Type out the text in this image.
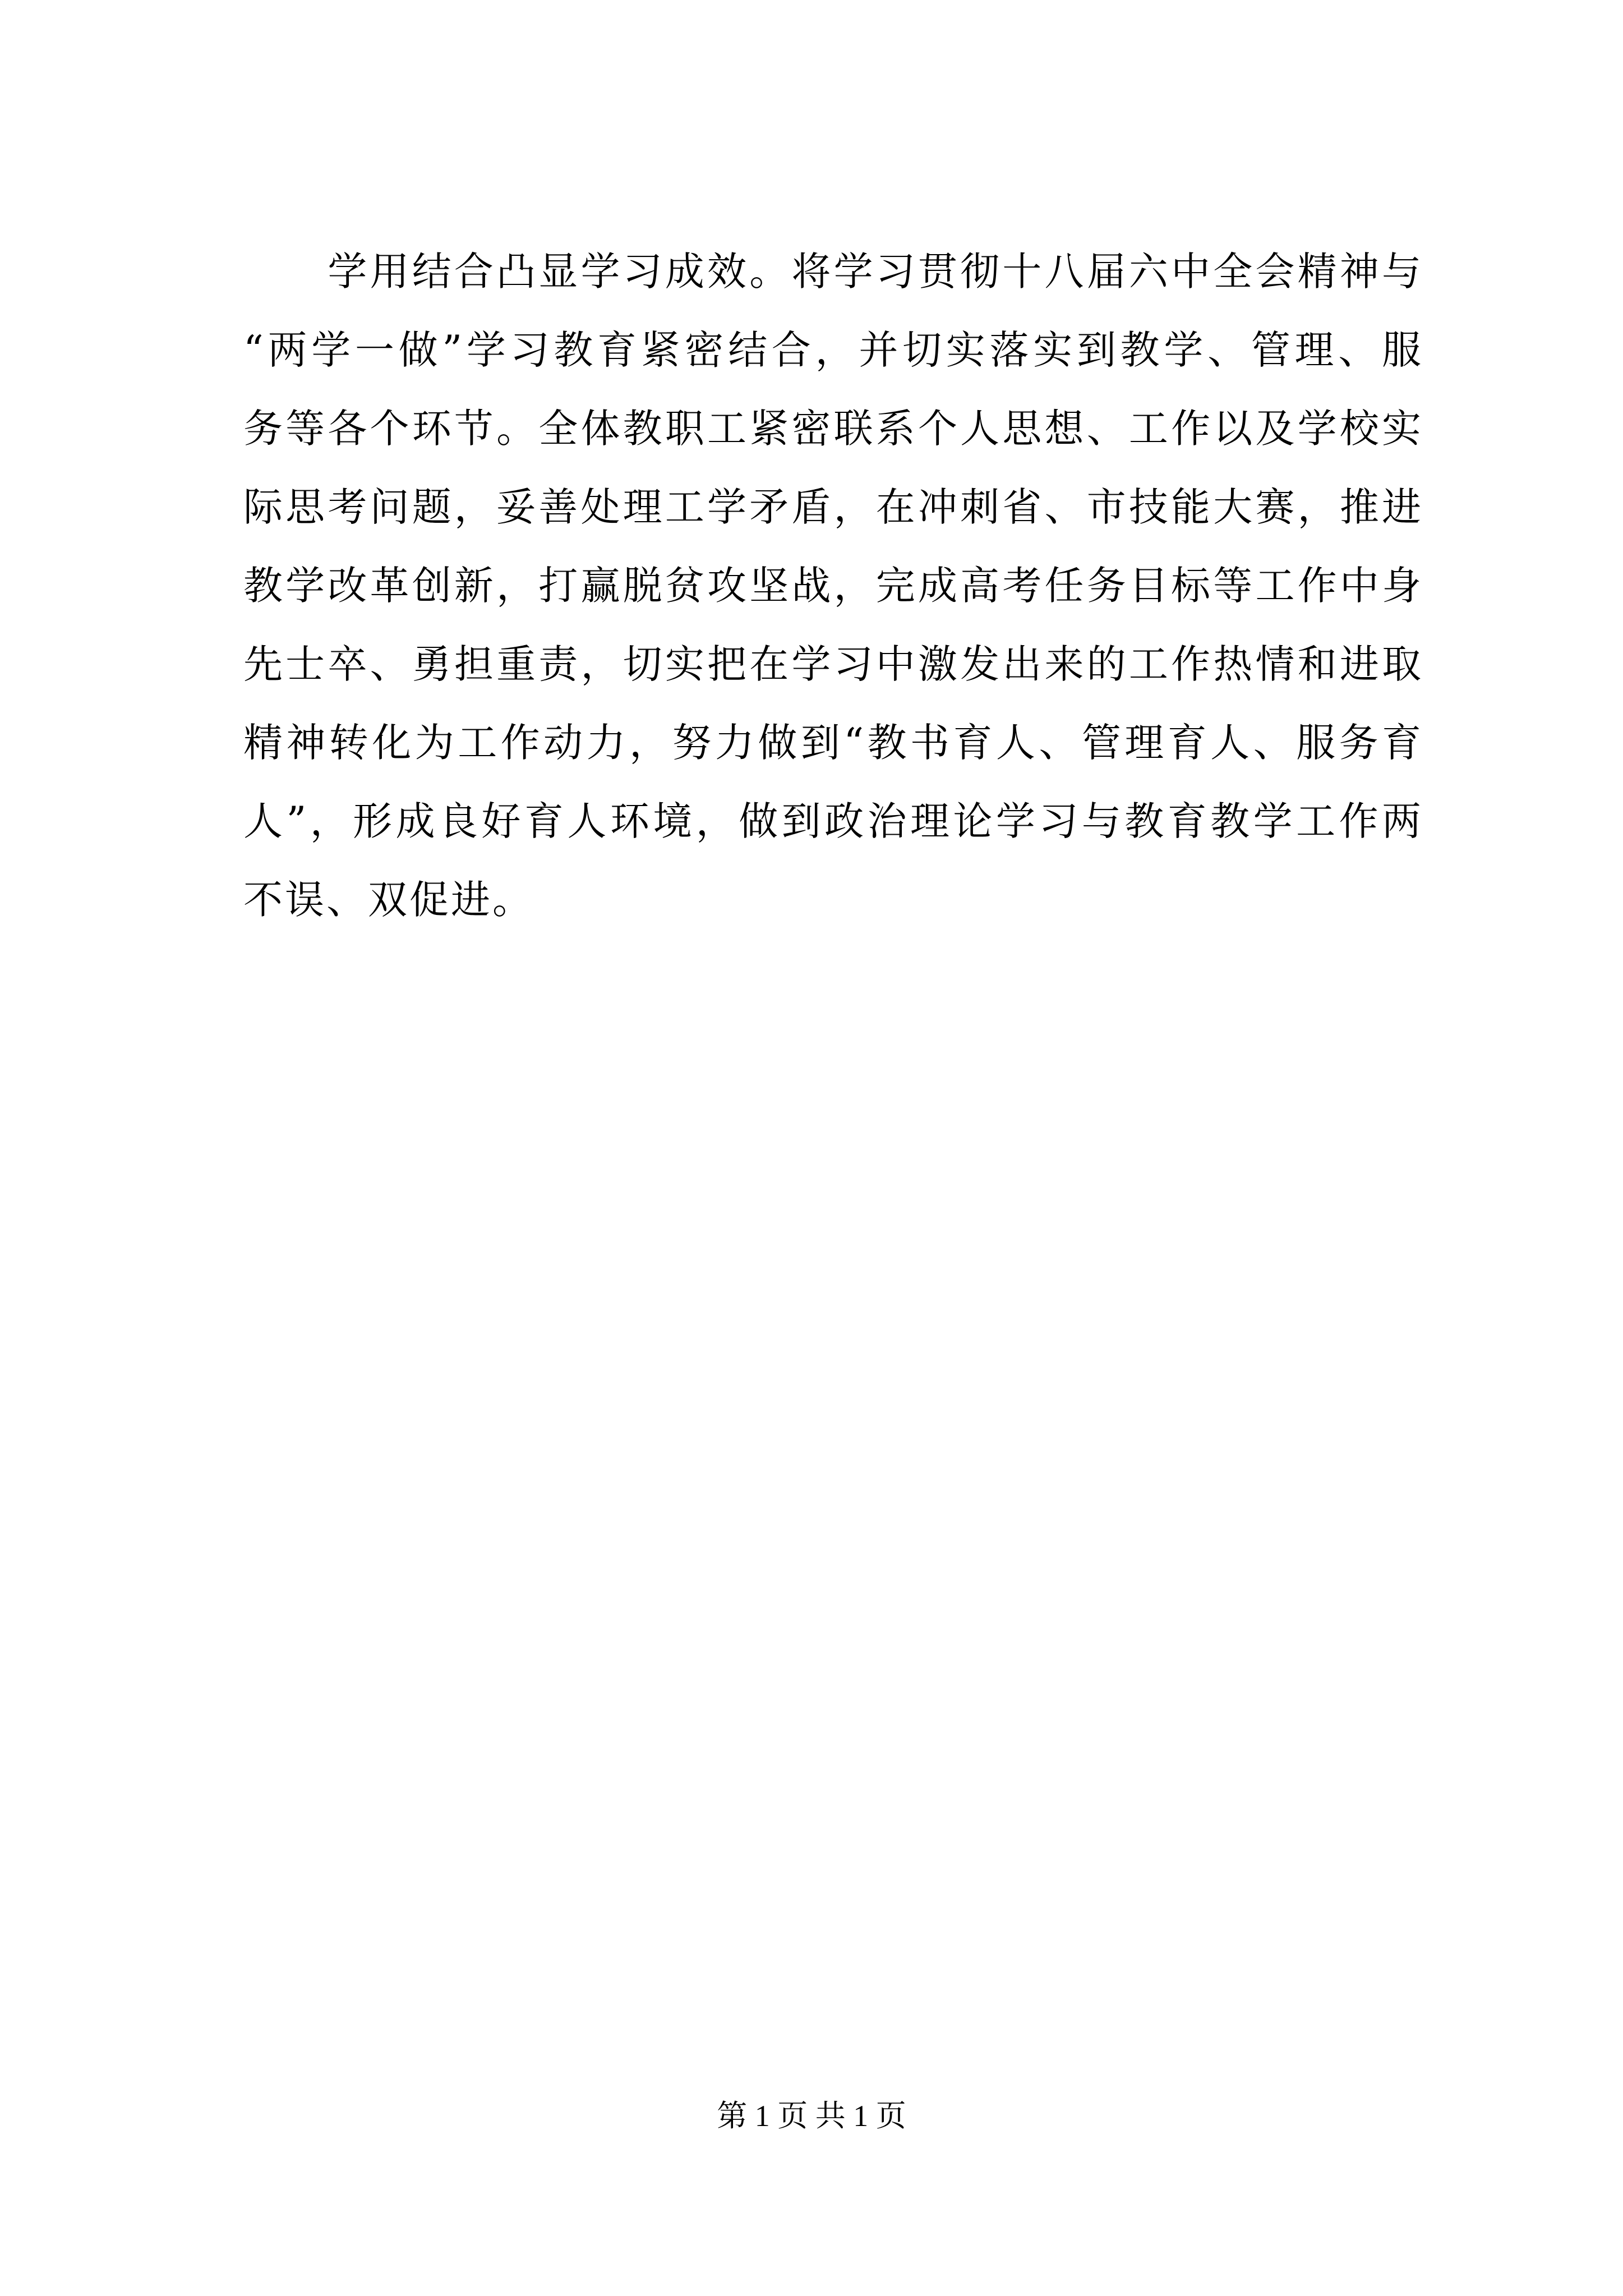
　　学用结合凸显学习成效。将学习贯彻十八届六中全会精神与
“两学一做”学习教育紧密结合，并切实落实到教学、管理、服
务等各个环节。全体教职工紧密联系个人思想、工作以及学校实
际思考问题，妥善处理工学矛盾，在冲刺省、市技能大赛，推进
教学改革创新，打赢脱贫攻坚战，完成高考任务目标等工作中身
先士卒、勇担重责，切实把在学习中激发出来的工作热情和进取
精神转化为工作动力，努力做到“教书育人、管理育人、服务育
人”，形成良好育人环境，做到政治理论学习与教育教学工作两
不误、双促进。
第 1 页 共 1 页
